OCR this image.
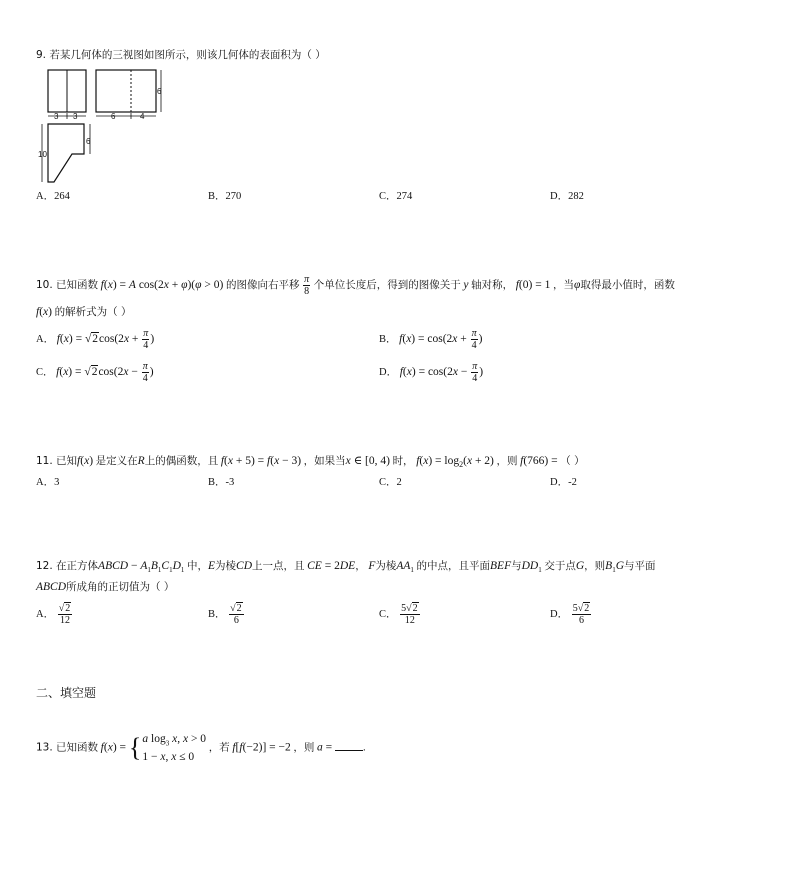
9. 若某几何体的三视图如图所示，则该几何体的表面积为（ ）
3 3	6	4
6
10
6
A．264	B．270	C．274	D．282
10. 已知函数 f(x) = A cos(2x + φ)(φ > 0) 的图像向右平移 $\frac{\pi}{8}$ 个单位长度后，得到的图像关于 y 轴对称， f(0) = 1 ，当φ取得最小值时，函数
f(x) 的解析式为（ ）
A． $f(x) = √2\cos(2x + \frac{\pi}{4}$ )	B． $f(x) = \cos(2x + \frac{\pi}{4}$ )
C． $f(x) = √2\cos(2x - \frac{\pi}{4}$ )	D． $f(x) = \cos(2x - \frac{\pi}{4}$ )
11. 已知f(x) 是定义在R上的偶函数，且 f(x + 5) = f(x − 3) ，如果当x ∈ [0, 4) 时， $f(x) = \log_2(x + 2)$ ，则 f(766) = （ ）
A．3	B．-3	C．2	D．-2
12. 在正方体ABCD − $A_1B_1C_1D_1$ 中，E为棱CD上一点，且 CE = 2DE， F为棱$AA_1$ 的中点，且平面BEF与$DD_1$ 交于点G，则$B_1G$与平面
ABCD所成角的正切值为（ ）
A． $\frac{√2}{12}$	B． $\frac{√2}{6}$	C． $\frac{5√2}{12}$	D． $\frac{5√2}{6}$
二、填空题
13. 已知函数 f(x) = { a $\log_3 x$, x > 0
1 − x, x ≤ 0
，若 f[f(−2)] = −2 ，则 a =	.
